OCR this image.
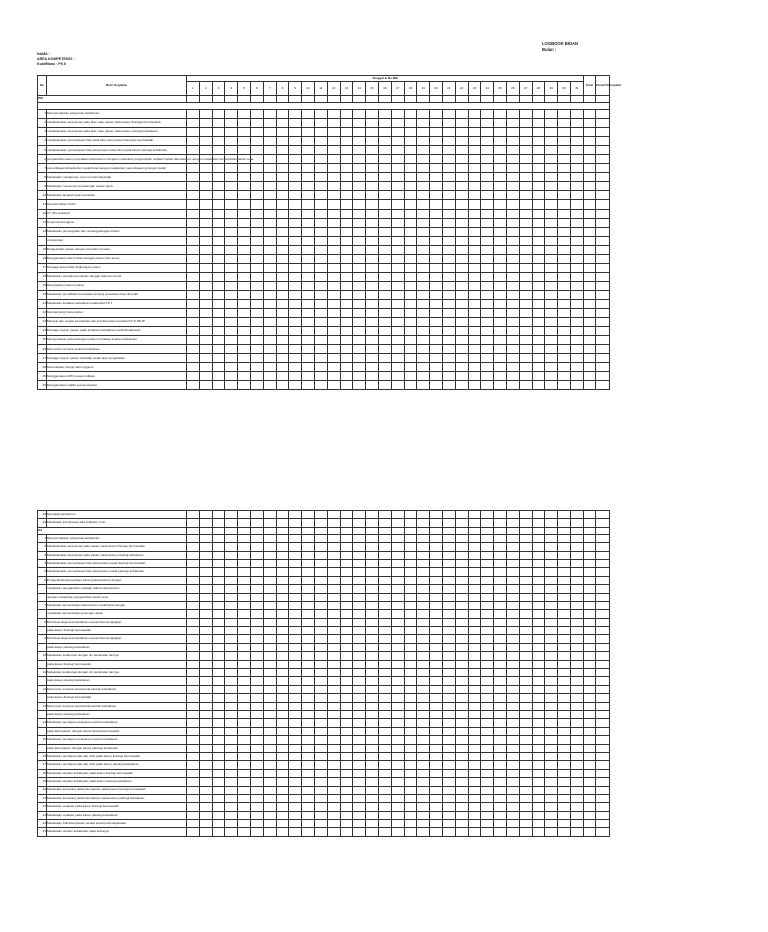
LOGBOOK BIDAN
Bulan :
NAMA :
AREA KOMPETENSI :
Kualifikasi : PK II
No	Butir Kegiatan	Tanggal & No.RM																															Total	Paraf/ Ditetapkan
		1	2	3	4	5	6	7	8	9	10	11	12	13	14	15	16	17	18	19	20	21	22	23	24	25	26	27	28	29	30	31		
PKI																																		

1	Mempersiapkan pelayanan kebidanan																																	
2	melaksanakan anamnesa pada klien atau pasien pada kasus fisiologis bermasalah																																	
3	melaksanakan anamnesa pada klien atau pasien pada kasus patologi kebidanan																																	
4	melaksanakan pemeriksaan fisik pada klien atau pasien fisiologis bermasalah																																	
5	melaksanakan pemeriksaan fisik pada pasien atau klien pada kasus patologi kebidanan																																	
6	pengambilan atau penyediaan laboratorium dengan melakukan pengambilan sediaan bahan laboratorium dengan melakukan pengambilan darah vena																																	
7	pemeriksaan laboratorium sederhana dengan melakukan pemeriksaan golongan darah																																	
8	Melakukan manajemen nyeri non farmakologik																																	
9	Melakukan mencenta pemasangan pasien jatuh																																	
10	Melakukan langkah awal resusitasi																																	
11	Membersihkan SVDI																																	
12	VT (IS) eksklusif																																	
13	KI personal hygiene																																	
14	Melakukan pencegahan dan penanggulangan infeksi																																	
	nosokomial																																	
15	Pengelolaan pasien dengan penyakit menular																																	
16	Menggunakan alat restrain dengan pasien dan aman																																	
17	Menjaga kebersihan lingkungan pasien																																	
18	Melakukan pendokumentasian dengan baik dan benar																																	
19	Menyiapkan pasien pulang																																	
20	Melakukan pendidikan kesehatan tentang perawatan bayi dirumah																																	
21	Melakukan tindakan kebidanan kolaboratif KP 1																																	
22	Mendampingi visite dokter																																	
23	Merujuk dan segala pencatatan dan kondisi pasien kepada KP 3/ DPJP																																	
24	Menjaga respon pasien pada tindakan kebidanan mandiri/kolaborasi																																	
25	Mengevaluasi perkembangan pasien terhadap asuhan kebidanan																																	
26	Memonitor rencana asuhan kebidanan																																	
27	Menjaga respon pasien terhadap terapi atau pengobatan																																	
28	Menerapkan prinsip hand hygiene																																	
29	Menggunakan APD sesuai indikasi																																	
30	Menggunakan spillkit sesuai standar																																	
28	Mengkaji sanatorium																																	
29	Melakukan interpretasi data indikator mutu																																	
Kd																																		
1	Mempersiapkan pelayanan kebidanan																																	
2	Melaksanakan anamnesa pada pasien pada kasus fisiologi bermasalah																																	
3	Melaksanakan anamnesa pada pasien pada kasus patologi kebidanan																																	
4	Melaksanakan pemeriksaan fisik pada pasien pada fisiologi bermasalah																																	
5	Melaksanakan pemeriksaan fisik pada pasien pada patologi kebidanan																																	
6	Pengambilan/penyediaan barang laboratorium dengan																																	
	melakukan pengambilan sediaan bahan laboratorium																																	
	dengan melakukan pengambilan darah vena																																	
7	Melakukan pemeriksaan laboratorium sederhana dengan																																	
	melakukan pemeriksaan golongan darah																																	
8	Membuat diagnosa kebidanan sesuai hasil pengkajian																																	
	pada kasus fisiologi bermasalah																																	
9	Membuat diagnosa kebidanan sesuai hasil pengkajian																																	
	pada kasus patologi kebidanan																																	
10	Melakukan kolaborasi dengan tim kesehatan lainnya																																	
	pada kasus fisiologi bermasalah																																	
11	Melakukan kolaborasi dengan tim kesehatan lainnya																																	
	pada kasus patologi kebidanan																																	
12	Menyusun rencana operasional asuhan kebidanan																																	
	pada kasus fisiologi bermasalah																																	
13	Menyusun rencana operasional asuhan kebidanan																																	
	pada kasus patologi kebidanan																																	
14	Melakukan persiapan pelayanan asuhan kebidanan																																	
	pada klien/pasien dengan kasus fisiologi bermasalah																																	
15	Melakukan persiapan pelayanan asuhan kebidanan																																	
	pada klien/pasien dengan kasus patologi kebidanan																																	
16	Melakukan persiapan alat dan obat pada kasus fisiologi bermasalah																																	
17	Melakukan persiapan alat dan obat pada kasus patologi kebidanan																																	
18	Melakukan asuhan kebidanan pada kasus fisiologi bermasalah																																	
19	Melakukan asuhan kebidanan pada kasus patologi kebidanan																																	
20	Melakukan konseling pada klien/pasien pada kasus fisiologi bermasalah																																	
21	Melakukan konseling pada klien/pasien pada kasus patologi kebidanan																																	
22	Melakukan evaluasi pada kasus fisiologi bermasalah																																	
23	Melakukan evaluasi pada kasus patologi kebidanan																																	
24	Melakukan KIE klien/pasien secara kelompok/masyarakat																																	
25	Melakukan asuhan kebidanan pada keluarga																																	
